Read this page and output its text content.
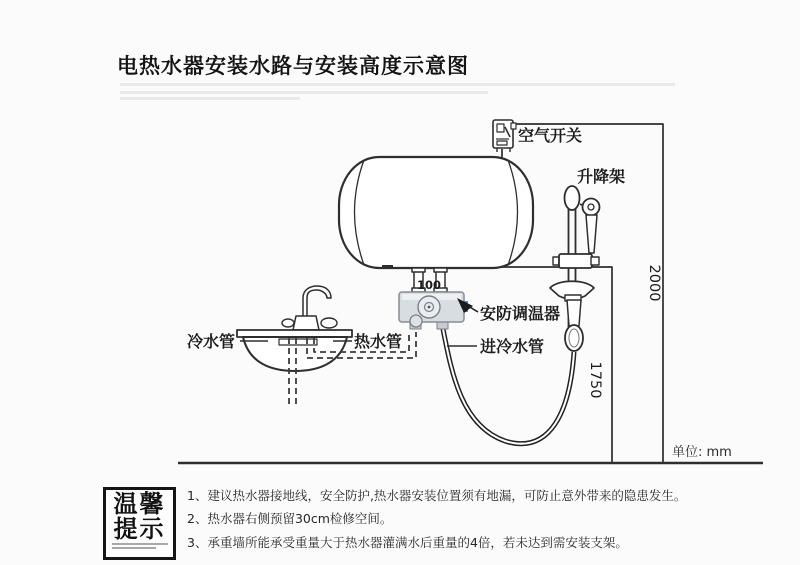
电热水器安装水路与安装高度示意图
2000
1750
100
空气开关
升降架
安防调温器
进冷水管
冷水管	热水管
单位: mm
温馨
提示

1、建议热水器接地线，安全防护,热水器安装位置须有地漏，可防止意外带来的隐患发生。

2、热水器右侧预留30cm检修空间。

3、承重墙所能承受重量大于热水器灌满水后重量的4倍，若未达到需安装支架。
